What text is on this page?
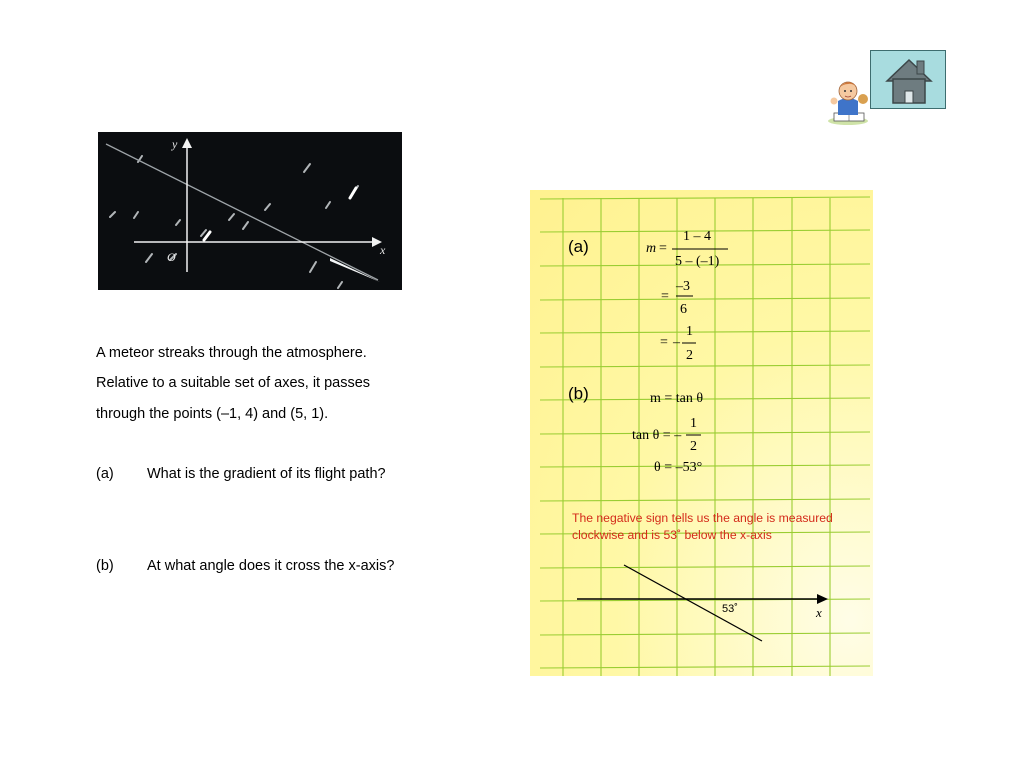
y
x
O
A meteor streaks through the atmosphere.
Relative to a suitable set of axes, it passes
through the points (–1, 4) and (5, 1).
(a) What is the gradient of its flight path?
(b) At what angle does it cross the x-axis?
(a)	m =
1 – 4
5 – (–1)
=
–3
6
= –
1
2
(b)	m = tan θ
tan θ = –
1
2
θ = –53°
The negative sign tells us the angle is measured clockwise and is 53˚ below the x-axis
53˚	x
